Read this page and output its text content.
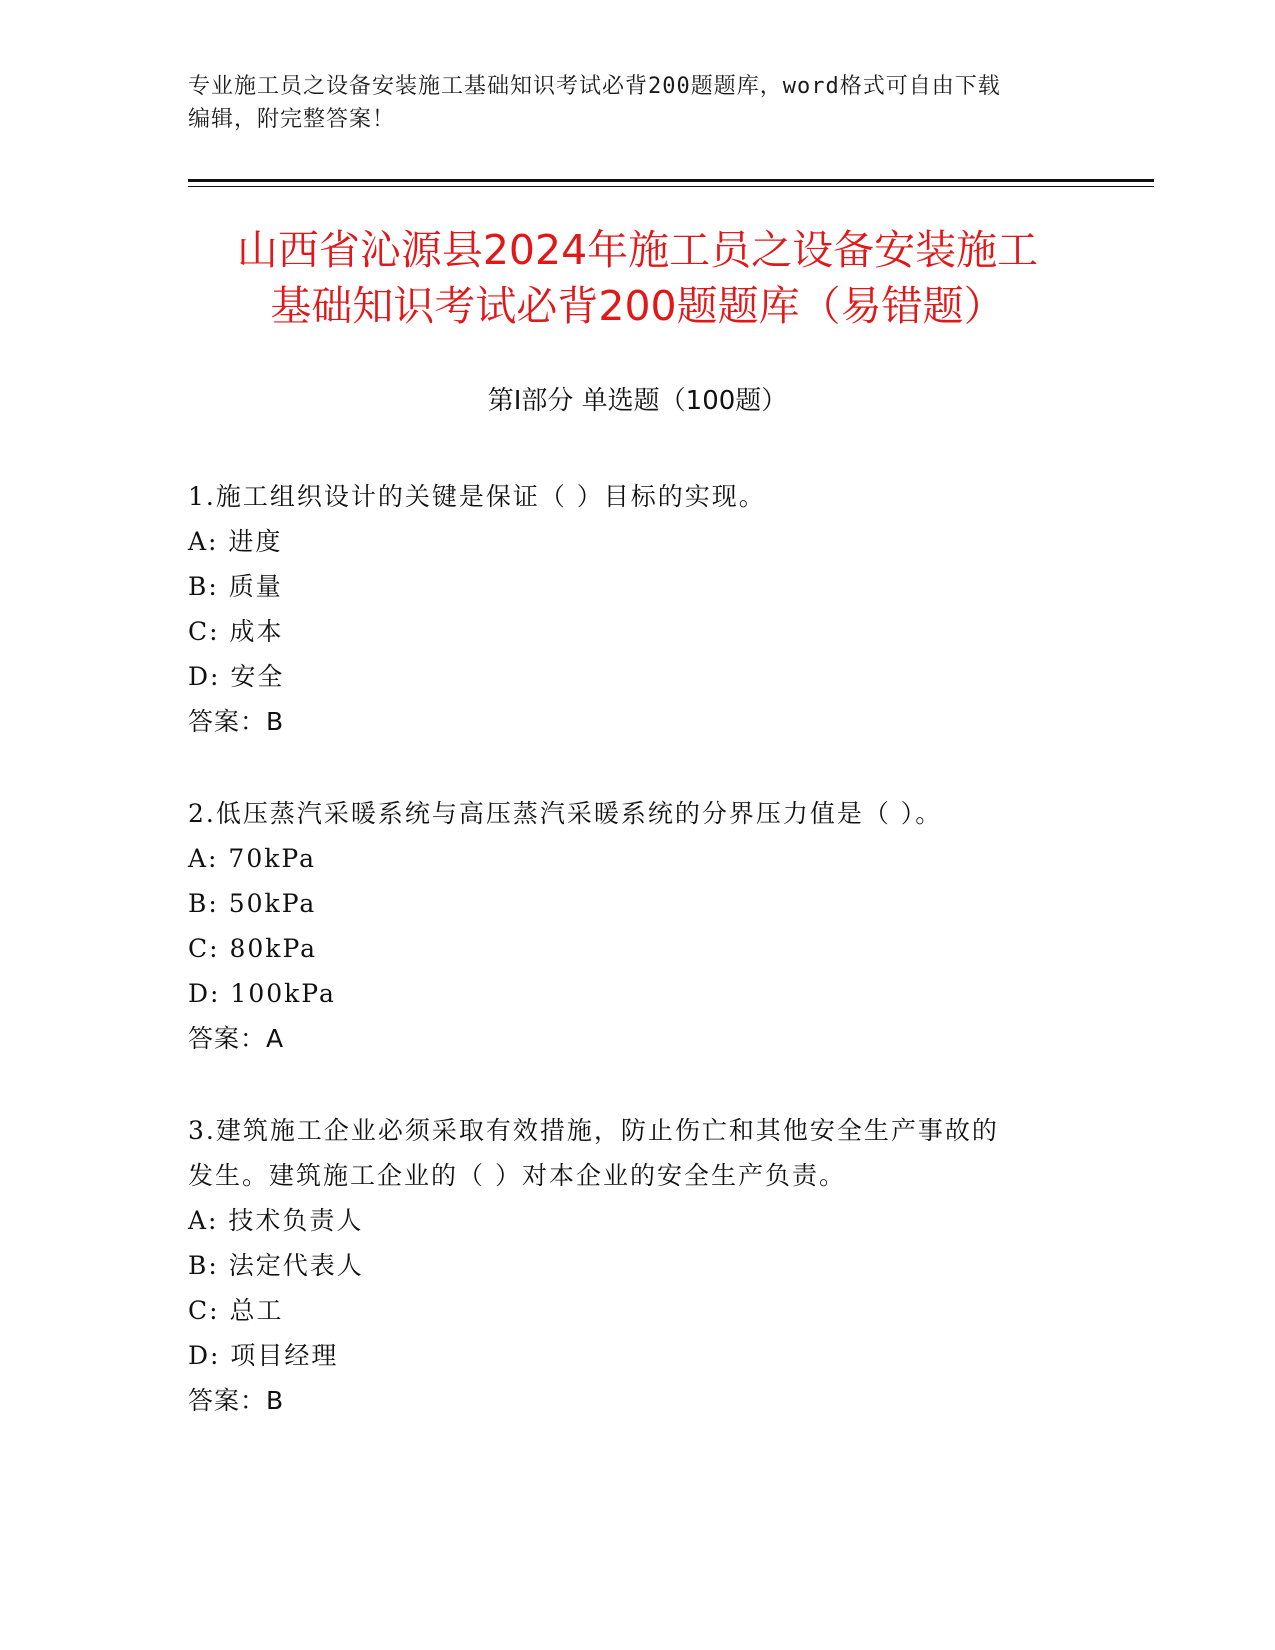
专业施工员之设备安装施工基础知识考试必背200题题库，word格式可自由下载
编辑，附完整答案！
山西省沁源县2024年施工员之设备安装施工
基础知识考试必背200题题库（易错题）
第Ⅰ部分 单选题（100题）
1.施工组织设计的关键是保证（ ）目标的实现。
A: 进度
B: 质量
C: 成本
D: 安全
答案：B
2.低压蒸汽采暖系统与高压蒸汽采暖系统的分界压力值是（ ）。
A: 70kPa
B: 50kPa
C: 80kPa
D: 100kPa
答案：A
3.建筑施工企业必须采取有效措施，防止伤亡和其他安全生产事故的
发生。建筑施工企业的（ ）对本企业的安全生产负责。
A: 技术负责人
B: 法定代表人
C: 总工
D: 项目经理
答案：B
